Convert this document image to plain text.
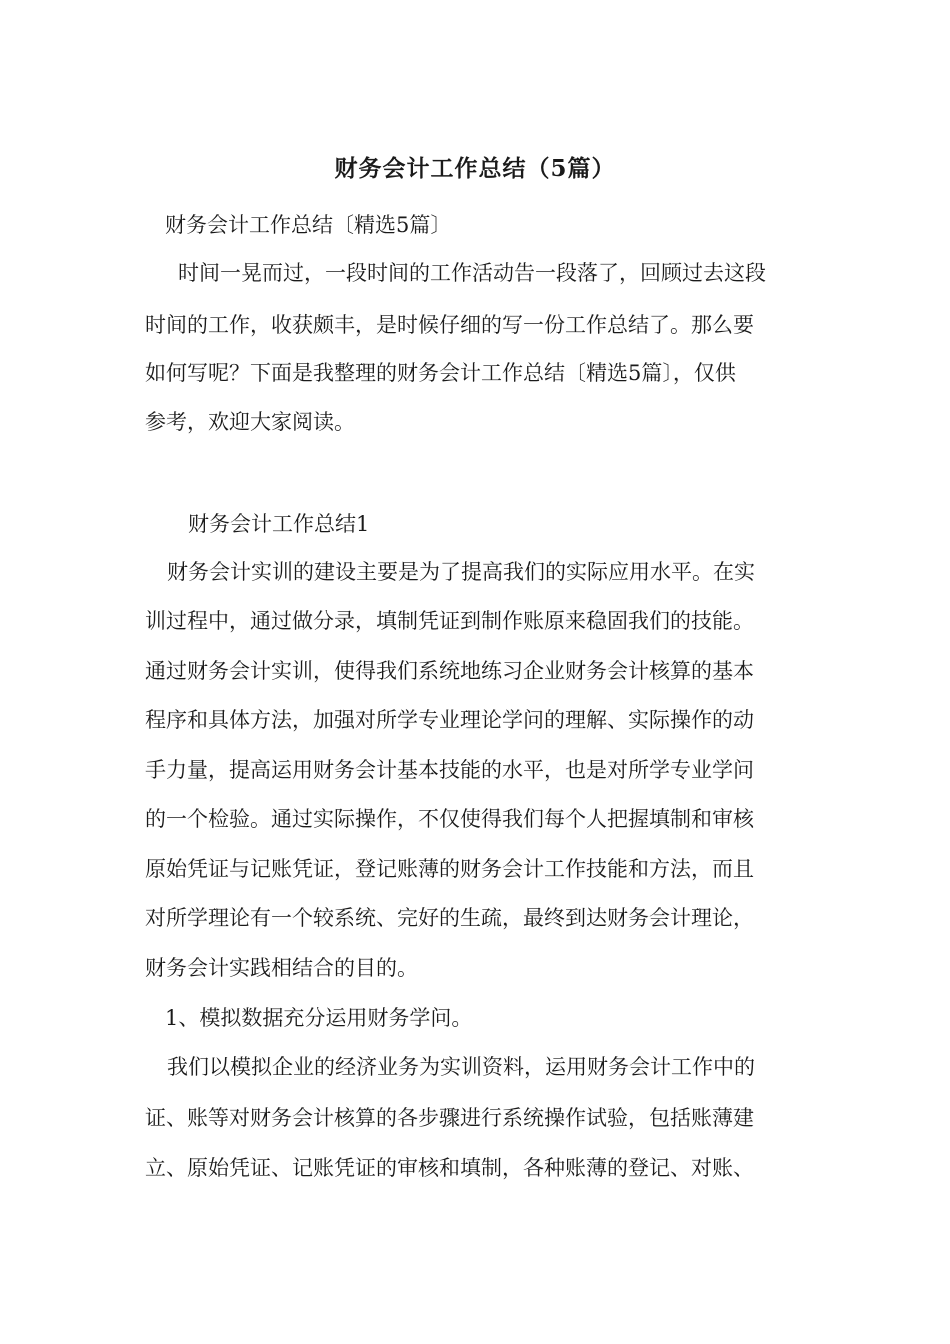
财务会计工作总结（5篇）
财务会计工作总结〔精选5篇〕
时间一晃而过，一段时间的工作活动告一段落了，回顾过去这段
时间的工作，收获颇丰，是时候仔细的写一份工作总结了。那么要
如何写呢？下面是我整理的财务会计工作总结〔精选5篇〕，仅供
参考，欢迎大家阅读。
财务会计工作总结1
财务会计实训的建设主要是为了提高我们的实际应用水平。在实
训过程中，通过做分录，填制凭证到制作账原来稳固我们的技能。
通过财务会计实训，使得我们系统地练习企业财务会计核算的基本
程序和具体方法，加强对所学专业理论学问的理解、实际操作的动
手力量，提高运用财务会计基本技能的水平，也是对所学专业学问
的一个检验。通过实际操作，不仅使得我们每个人把握填制和审核
原始凭证与记账凭证，登记账薄的财务会计工作技能和方法，而且
对所学理论有一个较系统、完好的生疏，最终到达财务会计理论，
财务会计实践相结合的目的。
1、模拟数据充分运用财务学问。
我们以模拟企业的经济业务为实训资料，运用财务会计工作中的
证、账等对财务会计核算的各步骤进行系统操作试验，包括账薄建
立、原始凭证、记账凭证的审核和填制，各种账薄的登记、对账、
